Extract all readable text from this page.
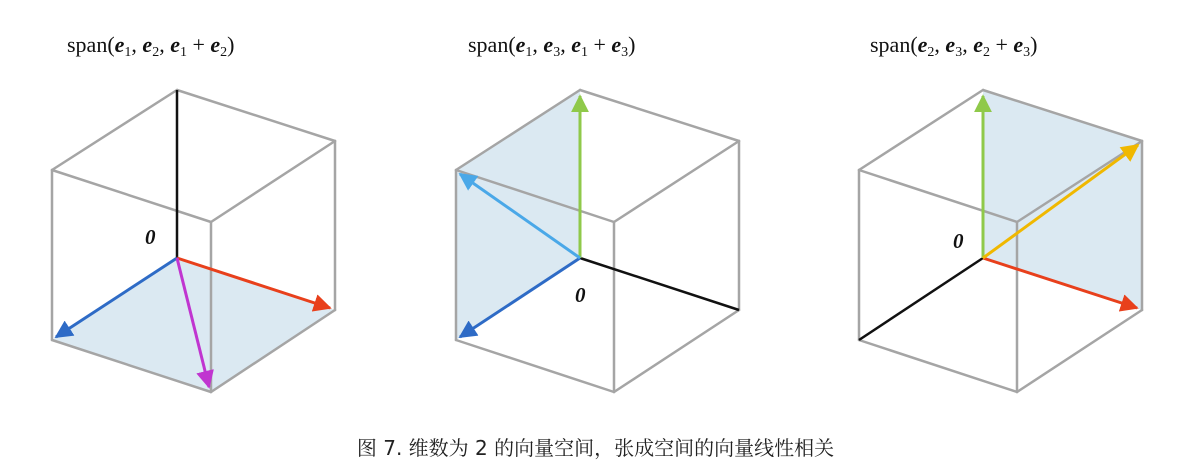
span(e1, e2, e1 + e2)
0
span(e1, e3, e1 + e3)
0
span(e2, e3, e2 + e3)
0
图 7. 维数为 2 的向量空间，张成空间的向量线性相关
